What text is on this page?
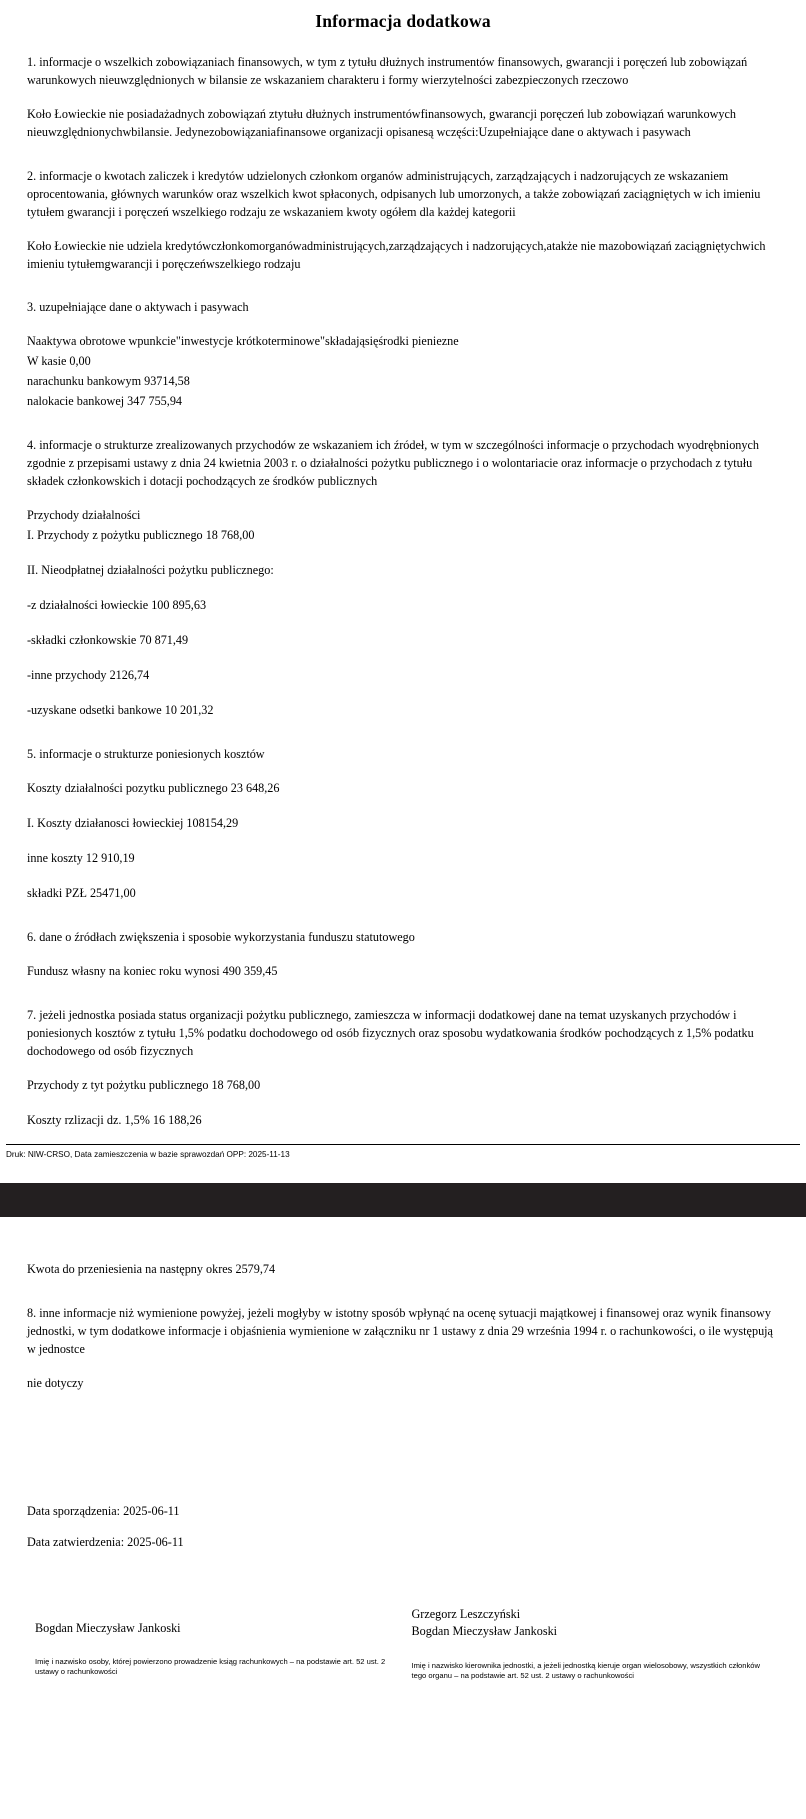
Informacja dodatkowa

1. informacje o wszelkich zobowiązaniach finansowych, w tym z tytułu dłużnych instrumentów finansowych, gwarancji i poręczeń lub zobowiązań warunkowych nieuwzględnionych w bilansie ze wskazaniem charakteru i formy wierzytelności zabezpieczonych rzeczowo

Koło Łowieckie nie posiadażadnych zobowiązań ztytułu dłużnych instrumentówfinansowych, gwarancji poręczeń lub zobowiązań warunkowych nieuwzględnionychwbilansie. Jedynezobowiązaniafinansowe organizacji opisanesą wczęści:Uzupełniające dane o aktywach i pasywach

2. informacje o kwotach zaliczek i kredytów udzielonych członkom organów administrujących, zarządzających i nadzorujących ze wskazaniem oprocentowania, głównych warunków oraz wszelkich kwot spłaconych, odpisanych lub umorzonych, a także zobowiązań zaciągniętych w ich imieniu tytułem gwarancji i poręczeń wszelkiego rodzaju ze wskazaniem kwoty ogółem dla każdej kategorii

Koło Łowieckie nie udziela kredytówczłonkomorganówadministrujących,zarządzających i nadzorujących,atakże nie mazobowiązań zaciągniętychwich imieniu tytułemgwarancji i poręczeńwszelkiego rodzaju

3. uzupełniające dane o aktywach i pasywach

Naaktywa obrotowe wpunkcie"inwestycje krótkoterminowe"składająsięśrodki pieniezne

W kasie 0,00

narachunku bankowym 93714,58

nalokacie bankowej 347 755,94

4. informacje o strukturze zrealizowanych przychodów ze wskazaniem ich źródeł, w tym w szczególności informacje o przychodach wyodrębnionych zgodnie z przepisami ustawy z dnia 24 kwietnia 2003 r. o działalności pożytku publicznego i o wolontariacie oraz informacje o przychodach z tytułu składek członkowskich i dotacji pochodzących ze środków publicznych

Przychody działalności

I. Przychody z pożytku publicznego 18 768,00

II. Nieodpłatnej działalności pożytku publicznego:

-z działalności łowieckie 100 895,63

-składki członkowskie 70 871,49

-inne przychody 2126,74

-uzyskane odsetki bankowe 10 201,32

5. informacje o strukturze poniesionych kosztów

Koszty działalności pozytku publicznego 23 648,26

I. Koszty działanosci łowieckiej 108154,29

inne koszty 12 910,19

składki PZŁ 25471,00

6. dane o źródłach zwiększenia i sposobie wykorzystania funduszu statutowego

Fundusz własny na koniec roku wynosi 490 359,45

7. jeżeli jednostka posiada status organizacji pożytku publicznego, zamieszcza w informacji dodatkowej dane na temat uzyskanych przychodów i poniesionych kosztów z tytułu 1,5% podatku dochodowego od osób fizycznych oraz sposobu wydatkowania środków pochodzących z 1,5% podatku dochodowego od osób fizycznych

Przychody z tyt pożytku publicznego 18 768,00

Koszty rzlizacji dz. 1,5% 16 188,26

Druk: NIW-CRSO, Data zamieszczenia w bazie sprawozdań OPP: 2025-11-13

Kwota do przeniesienia na następny okres 2579,74

8. inne informacje niż wymienione powyżej, jeżeli mogłyby w istotny sposób wpłynąć na ocenę sytuacji majątkowej i finansowej oraz wynik finansowy jednostki, w tym dodatkowe informacje i objaśnienia wymienione w załączniku nr 1 ustawy z dnia 29 września 1994 r. o rachunkowości, o ile występują w jednostce

nie dotyczy

Data sporządzenia: 2025-06-11
Data zatwierdzenia: 2025-06-11
Bogdan Mieczysław Jankoski
Imię i nazwisko osoby, której powierzono prowadzenie ksiąg rachunkowych – na podstawie art. 52 ust. 2 ustawy o rachunkowości
Grzegorz Leszczyński
Bogdan Mieczysław Jankoski
Imię i nazwisko kierownika jednostki, a jeżeli jednostką kieruje organ wielosobowy, wszystkich członków tego organu – na podstawie art. 52 ust. 2 ustawy o rachunkowości
